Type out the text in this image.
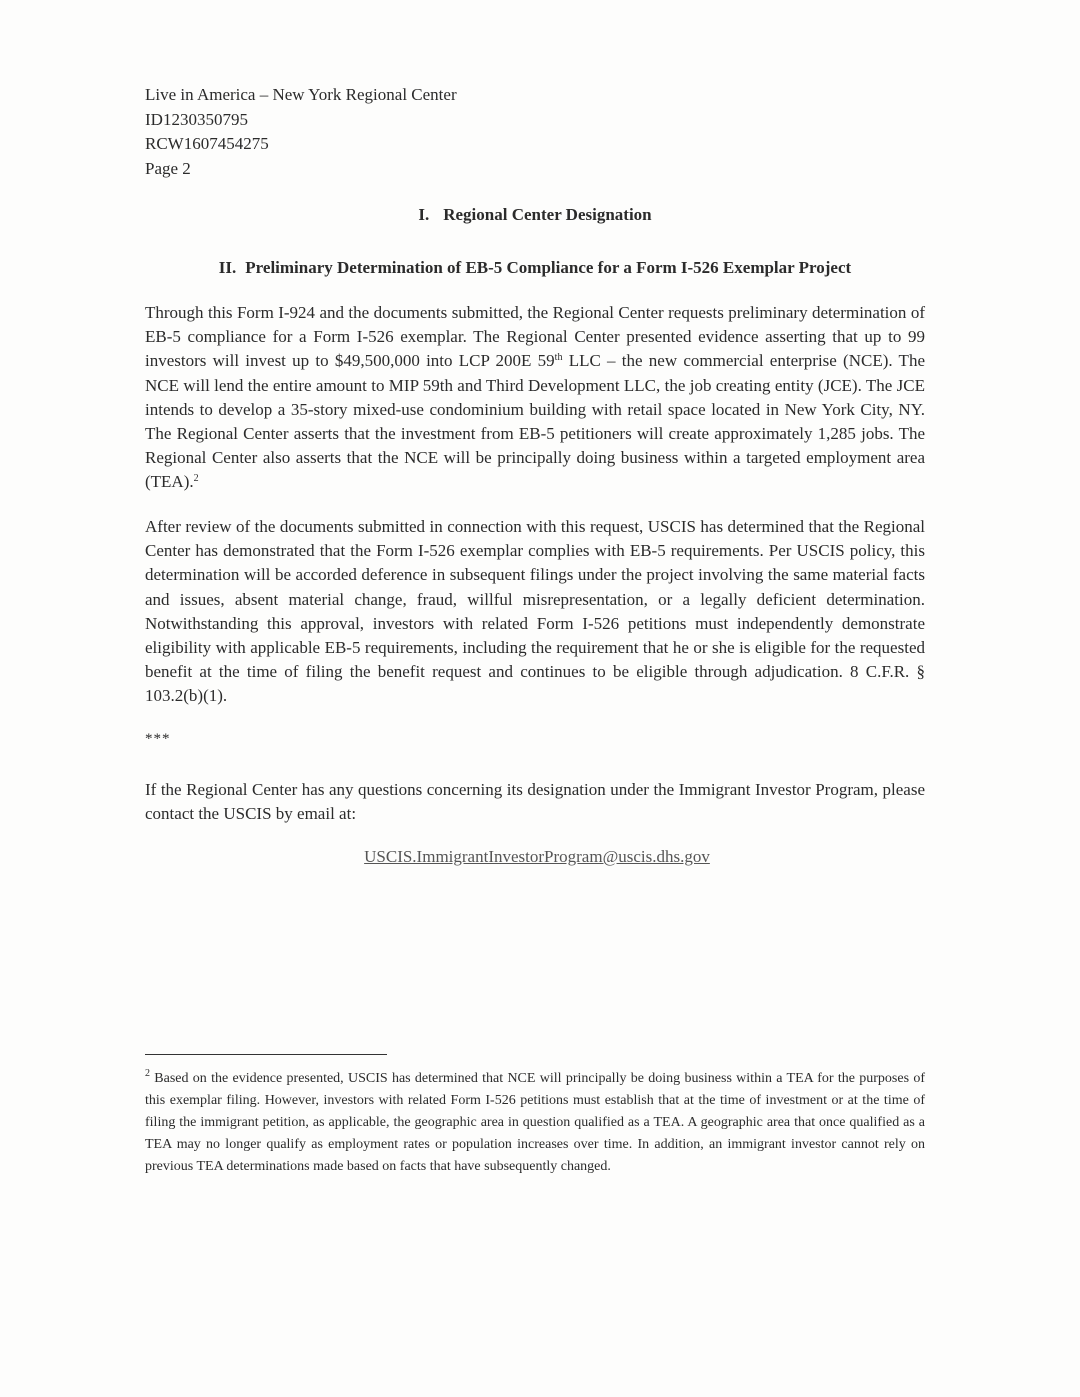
Live in America – New York Regional Center
ID1230350795
RCW1607454275
Page 2
I. Regional Center Designation
II. Preliminary Determination of EB-5 Compliance for a Form I-526 Exemplar Project

Through this Form I-924 and the documents submitted, the Regional Center requests preliminary determination of EB-5 compliance for a Form I-526 exemplar. The Regional Center presented evidence asserting that up to 99 investors will invest up to $49,500,000 into LCP 200E 59th LLC – the new commercial enterprise (NCE). The NCE will lend the entire amount to MIP 59th and Third Development LLC, the job creating entity (JCE). The JCE intends to develop a 35-story mixed-use condominium building with retail space located in New York City, NY. The Regional Center asserts that the investment from EB-5 petitioners will create approximately 1,285 jobs. The Regional Center also asserts that the NCE will be principally doing business within a targeted employment area (TEA).$^2$

After review of the documents submitted in connection with this request, USCIS has determined that the Regional Center has demonstrated that the Form I-526 exemplar complies with EB-5 requirements. Per USCIS policy, this determination will be accorded deference in subsequent filings under the project involving the same material facts and issues, absent material change, fraud, willful misrepresentation, or a legally deficient determination. Notwithstanding this approval, investors with related Form I-526 petitions must independently demonstrate eligibility with applicable EB-5 requirements, including the requirement that he or she is eligible for the requested benefit at the time of filing the benefit request and continues to be eligible through adjudication. 8 C.F.R. § 103.2(b)(1).

***

If the Regional Center has any questions concerning its designation under the Immigrant Investor Program, please contact the USCIS by email at:

USCIS.ImmigrantInvestorProgram@uscis.dhs.gov

$^2$ Based on the evidence presented, USCIS has determined that NCE will principally be doing business within a TEA for the purposes of this exemplar filing. However, investors with related Form I-526 petitions must establish that at the time of investment or at the time of filing the immigrant petition, as applicable, the geographic area in question qualified as a TEA. A geographic area that once qualified as a TEA may no longer qualify as employment rates or population increases over time. In addition, an immigrant investor cannot rely on previous TEA determinations made based on facts that have subsequently changed.
